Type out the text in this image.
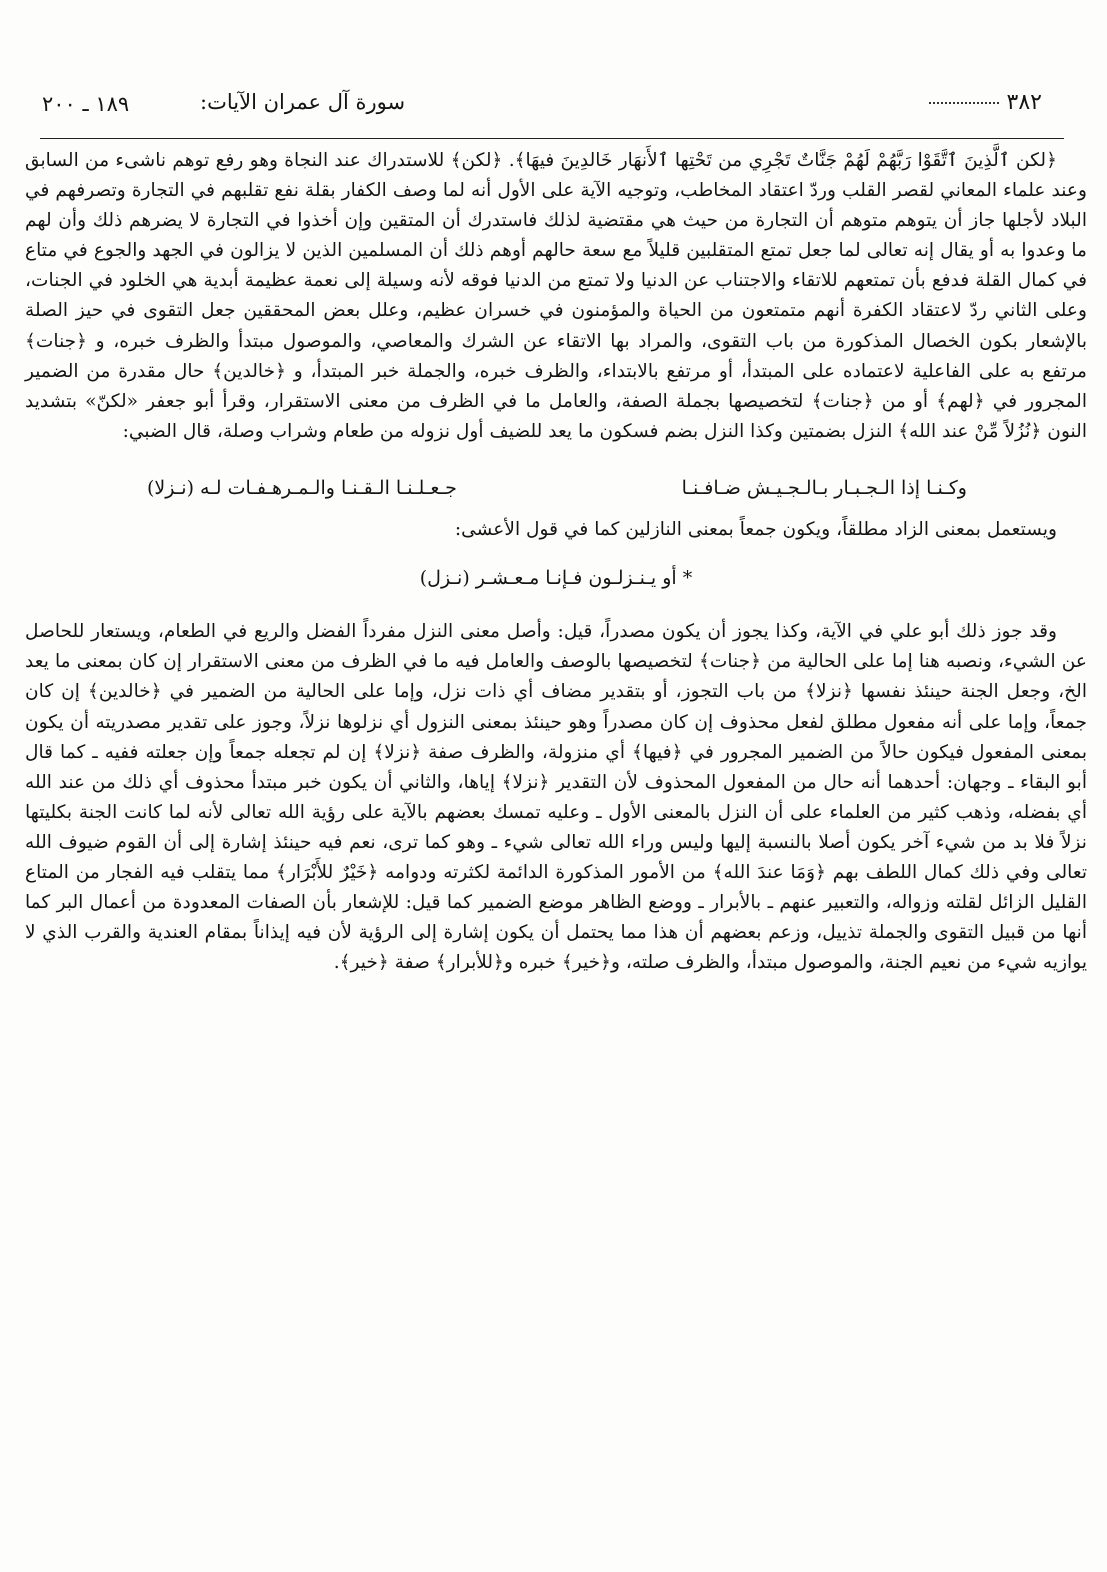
٣٨٢
سورة آل عمران الآيات:
١٨٩ ـ ٢٠٠

﴿لكن ٱلَّذِينَ ٱتَّقَوْا رَبَّهُمْ لَهُمْ جَنَّاتٌ تَجْرِي من تَحْتِها ٱلأَنهَار خَالدِينَ فيهَا﴾. ﴿لكن﴾ للاستدراك عند النجاة وهو رفع توهم ناشىء من السابق وعند علماء المعاني لقصر القلب وردّ اعتقاد المخاطب، وتوجيه الآية على الأول أنه لما وصف الكفار بقلة نفع تقلبهم في التجارة وتصرفهم في البلاد لأجلها جاز أن يتوهم متوهم أن التجارة من حيث هي مقتضية لذلك فاستدرك أن المتقين وإن أخذوا في التجارة لا يضرهم ذلك وأن لهم ما وعدوا به أو يقال إنه تعالى لما جعل تمتع المتقلبين قليلاً مع سعة حالهم أوهم ذلك أن المسلمين الذين لا يزالون في الجهد والجوع في متاع في كمال القلة فدفع بأن تمتعهم للاتقاء والاجتناب عن الدنيا ولا تمتع من الدنيا فوقه لأنه وسيلة إلى نعمة عظيمة أبدية هي الخلود في الجنات، وعلى الثاني ردّ لاعتقاد الكفرة أنهم متمتعون من الحياة والمؤمنون في خسران عظيم، وعلل بعض المحققين جعل التقوى في حيز الصلة بالإشعار بكون الخصال المذكورة من باب التقوى، والمراد بها الاتقاء عن الشرك والمعاصي، والموصول مبتدأ والظرف خبره، و ﴿جنات﴾ مرتفع به على الفاعلية لاعتماده على المبتدأ، أو مرتفع بالابتداء، والظرف خبره، والجملة خبر المبتدأ، و ﴿خالدين﴾ حال مقدرة من الضمير المجرور في ﴿لهم﴾ أو من ﴿جنات﴾ لتخصيصها بجملة الصفة، والعامل ما في الظرف من معنى الاستقرار، وقرأ أبو جعفر «لكنّ» بتشديد النون ﴿نُزُلاً مِّنْ عند الله﴾ النزل بضمتين وكذا النزل بضم فسكون ما يعد للضيف أول نزوله من طعام وشراب وصلة، قال الضبي:

وكـنـا إذا الـجـبـار بـالـجـيـش ضـافـنـا
جـعـلـنـا الـقـنـا والـمـرهـفـات لـه (نـزلا)

ويستعمل بمعنى الزاد مطلقاً، ويكون جمعاً بمعنى النازلين كما في قول الأعشى:

* أو يـنـزلـون فـإنـا مـعـشـر (نـزل)

وقد جوز ذلك أبو علي في الآية، وكذا يجوز أن يكون مصدراً، قيل: وأصل معنى النزل مفرداً الفضل والريع في الطعام، ويستعار للحاصل عن الشيء، ونصبه هنا إما على الحالية من ﴿جنات﴾ لتخصيصها بالوصف والعامل فيه ما في الظرف من معنى الاستقرار إن كان بمعنى ما يعد الخ، وجعل الجنة حينئذ نفسها ﴿نزلا﴾ من باب التجوز، أو بتقدير مضاف أي ذات نزل، وإما على الحالية من الضمير في ﴿خالدين﴾ إن كان جمعاً، وإما على أنه مفعول مطلق لفعل محذوف إن كان مصدراً وهو حينئذ بمعنى النزول أي نزلوها نزلاً، وجوز على تقدير مصدريته أن يكون بمعنى المفعول فيكون حالاً من الضمير المجرور في ﴿فيها﴾ أي منزولة، والظرف صفة ﴿نزلا﴾ إن لم تجعله جمعاً وإن جعلته ففيه ـ كما قال أبو البقاء ـ وجهان: أحدهما أنه حال من المفعول المحذوف لأن التقدير ﴿نزلا﴾ إياها، والثاني أن يكون خبر مبتدأ محذوف أي ذلك من عند الله أي بفضله، وذهب كثير من العلماء على أن النزل بالمعنى الأول ـ وعليه تمسك بعضهم بالآية على رؤية الله تعالى لأنه لما كانت الجنة بكليتها نزلاً فلا بد من شيء آخر يكون أصلا بالنسبة إليها وليس وراء الله تعالى شيء ـ وهو كما ترى، نعم فيه حينئذ إشارة إلى أن القوم ضيوف الله تعالى وفي ذلك كمال اللطف بهم ﴿وَمَا عندَ الله﴾ من الأمور المذكورة الدائمة لكثرته ودوامه ﴿خَيْرٌ للأَبْرَار﴾ مما يتقلب فيه الفجار من المتاع القليل الزائل لقلته وزواله، والتعبير عنهم ـ بالأبرار ـ ووضع الظاهر موضع الضمير كما قيل: للإشعار بأن الصفات المعدودة من أعمال البر كما أنها من قبيل التقوى والجملة تذييل، وزعم بعضهم أن هذا مما يحتمل أن يكون إشارة إلى الرؤية لأن فيه إيذاناً بمقام العندية والقرب الذي لا يوازيه شيء من نعيم الجنة، والموصول مبتدأ، والظرف صلته، و﴿خير﴾ خبره و﴿للأبرار﴾ صفة ﴿خير﴾.
